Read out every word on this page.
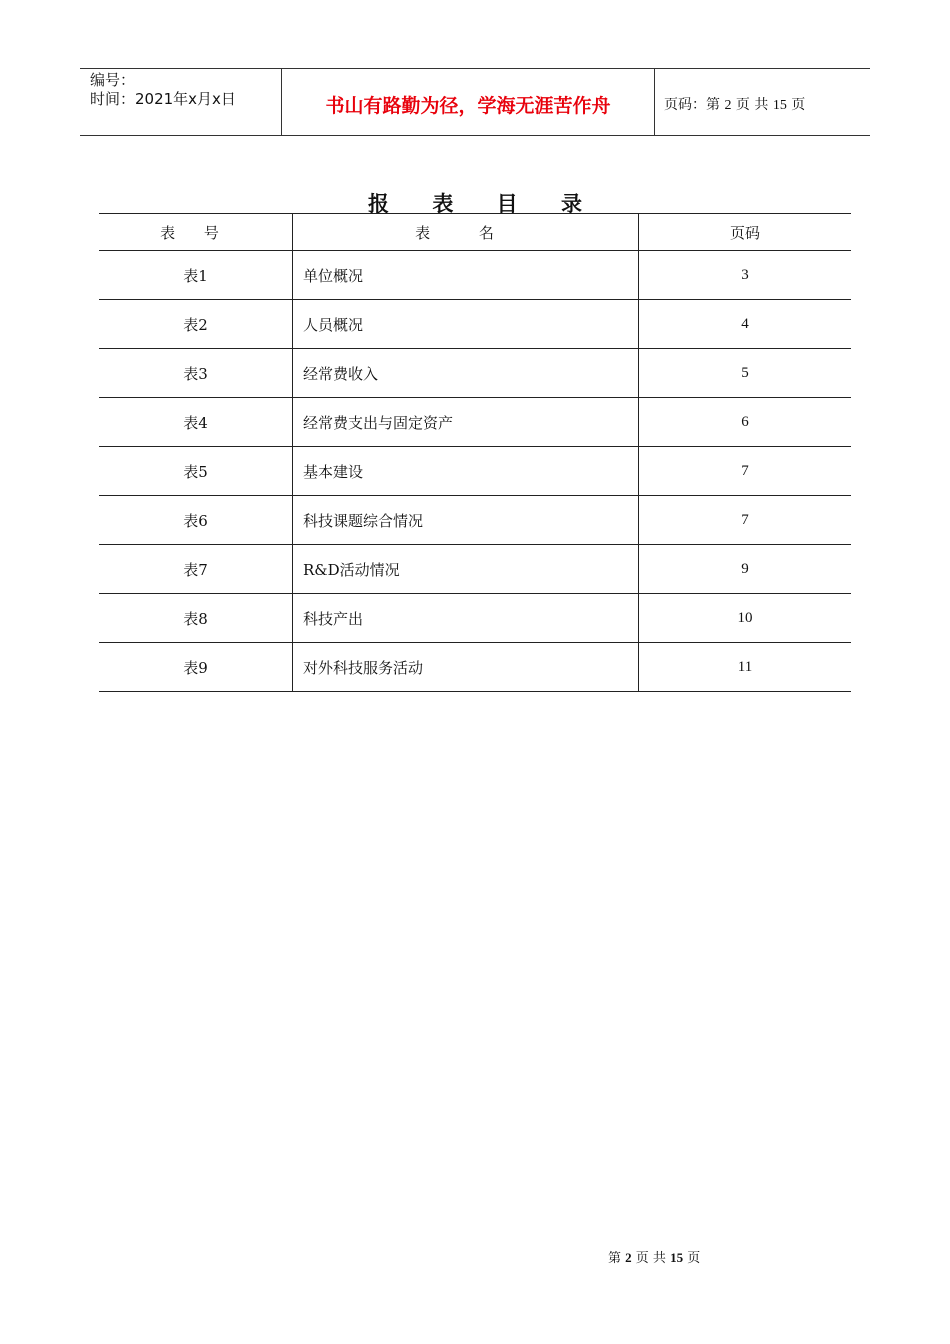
编号：
时间：2021年x月x日	书山有路勤为径，学海无涯苦作舟	页码：第 2 页 共 15 页
报 表 目 录
表 号	表 名	页码
表1	单位概况	3
表2	人员概况	4
表3	经常费收入	5
表4	经常费支出与固定资产	6
表5	基本建设	7
表6	科技课题综合情况	7
表7	R&D活动情况	9
表8	科技产出	10
表9	对外科技服务活动	11
第 2 页 共 15 页
